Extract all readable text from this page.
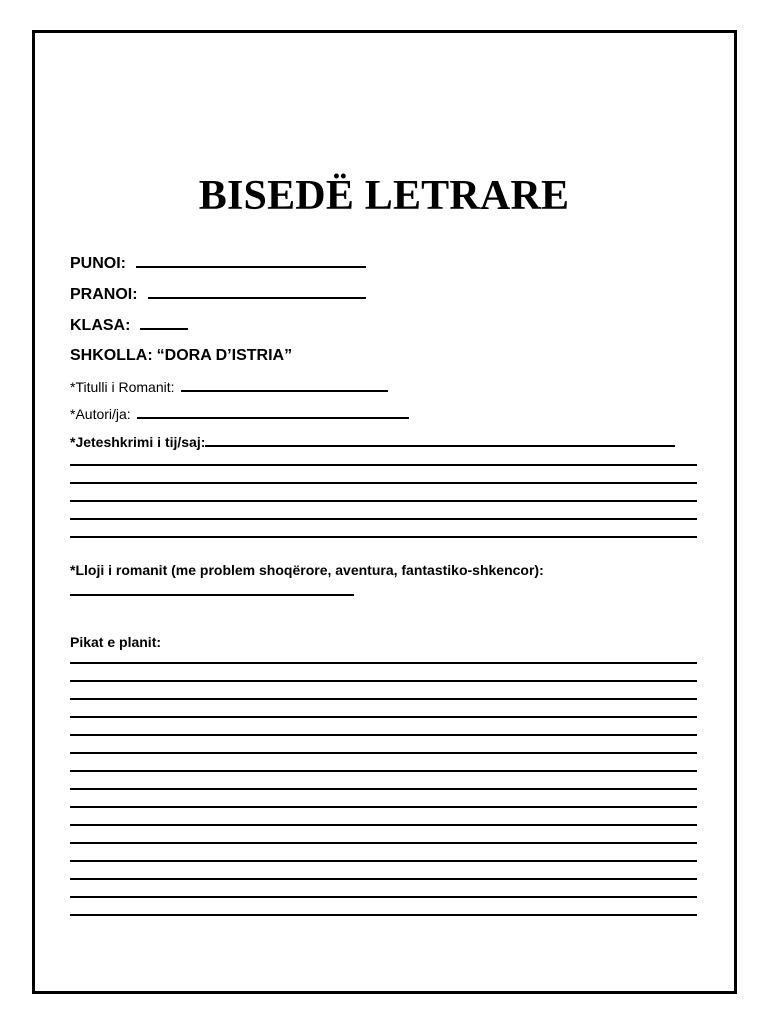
BISEDË LETRARE
PUNOI:
PRANOI:
KLASA:
SHKOLLA: “DORA D’ISTRIA”
*Titulli i Romanit:
*Autori/ja:
*Jeteshkrimi i tij/saj:
*Lloji i romanit (me problem shoqërore, aventura, fantastiko-shkencor):
Pikat e planit:
